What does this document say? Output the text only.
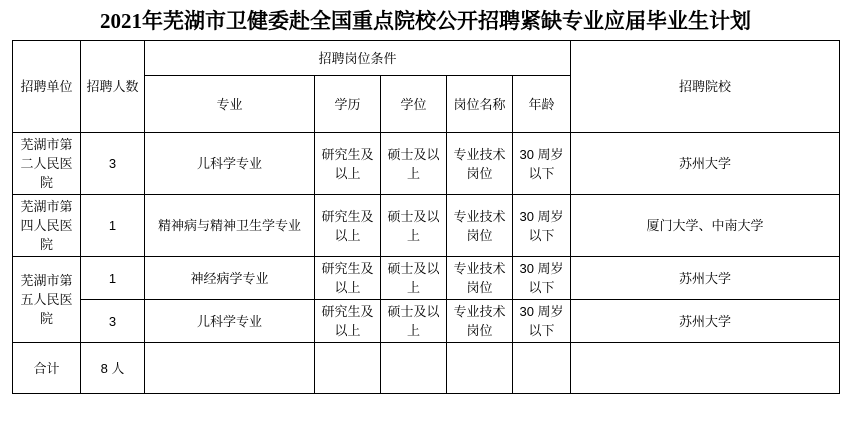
2021年芜湖市卫健委赴全国重点院校公开招聘紧缺专业应届毕业生计划
招聘单位	招聘人数	招聘岗位条件					招聘院校
		专业	学历	学位	岗位名称	年龄	
芜湖市第二人民医院	3	儿科学专业	研究生及以上	硕士及以上	专业技术岗位	30 周岁以下	苏州大学
芜湖市第四人民医院	1	精神病与精神卫生学专业	研究生及以上	硕士及以上	专业技术岗位	30 周岁以下	厦门大学、中南大学
芜湖市第五人民医院	1	神经病学专业	研究生及以上	硕士及以上	专业技术岗位	30 周岁以下	苏州大学
	3	儿科学专业	研究生及以上	硕士及以上	专业技术岗位	30 周岁以下	苏州大学
合计	8 人						
